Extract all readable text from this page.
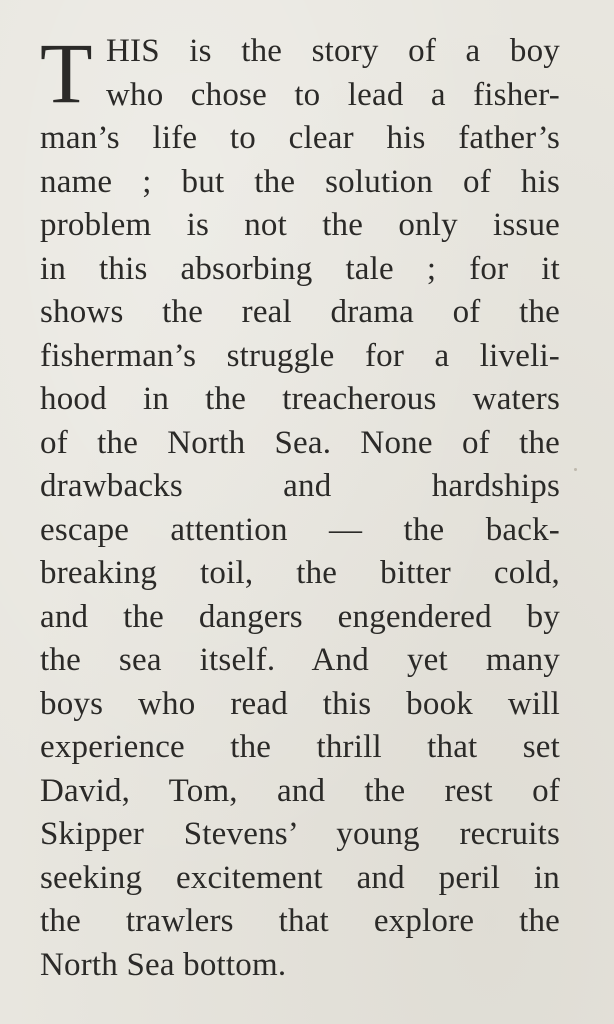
T HIS is the story of a boy
who chose to lead a fisher-
man’s life to clear his father’s
name ; but the solution of his
problem is not the only issue
in this absorbing tale ; for it
shows the real drama of the
fisherman’s struggle for a liveli-
hood in the treacherous waters
of the North Sea. None of the
drawbacks and hardships
escape attention — the back-
breaking toil, the bitter cold,
and the dangers engendered by
the sea itself. And yet many
boys who read this book will
experience the thrill that set
David, Tom, and the rest of
Skipper Stevens’ young recruits
seeking excitement and peril in
the trawlers that explore the
North Sea bottom.
